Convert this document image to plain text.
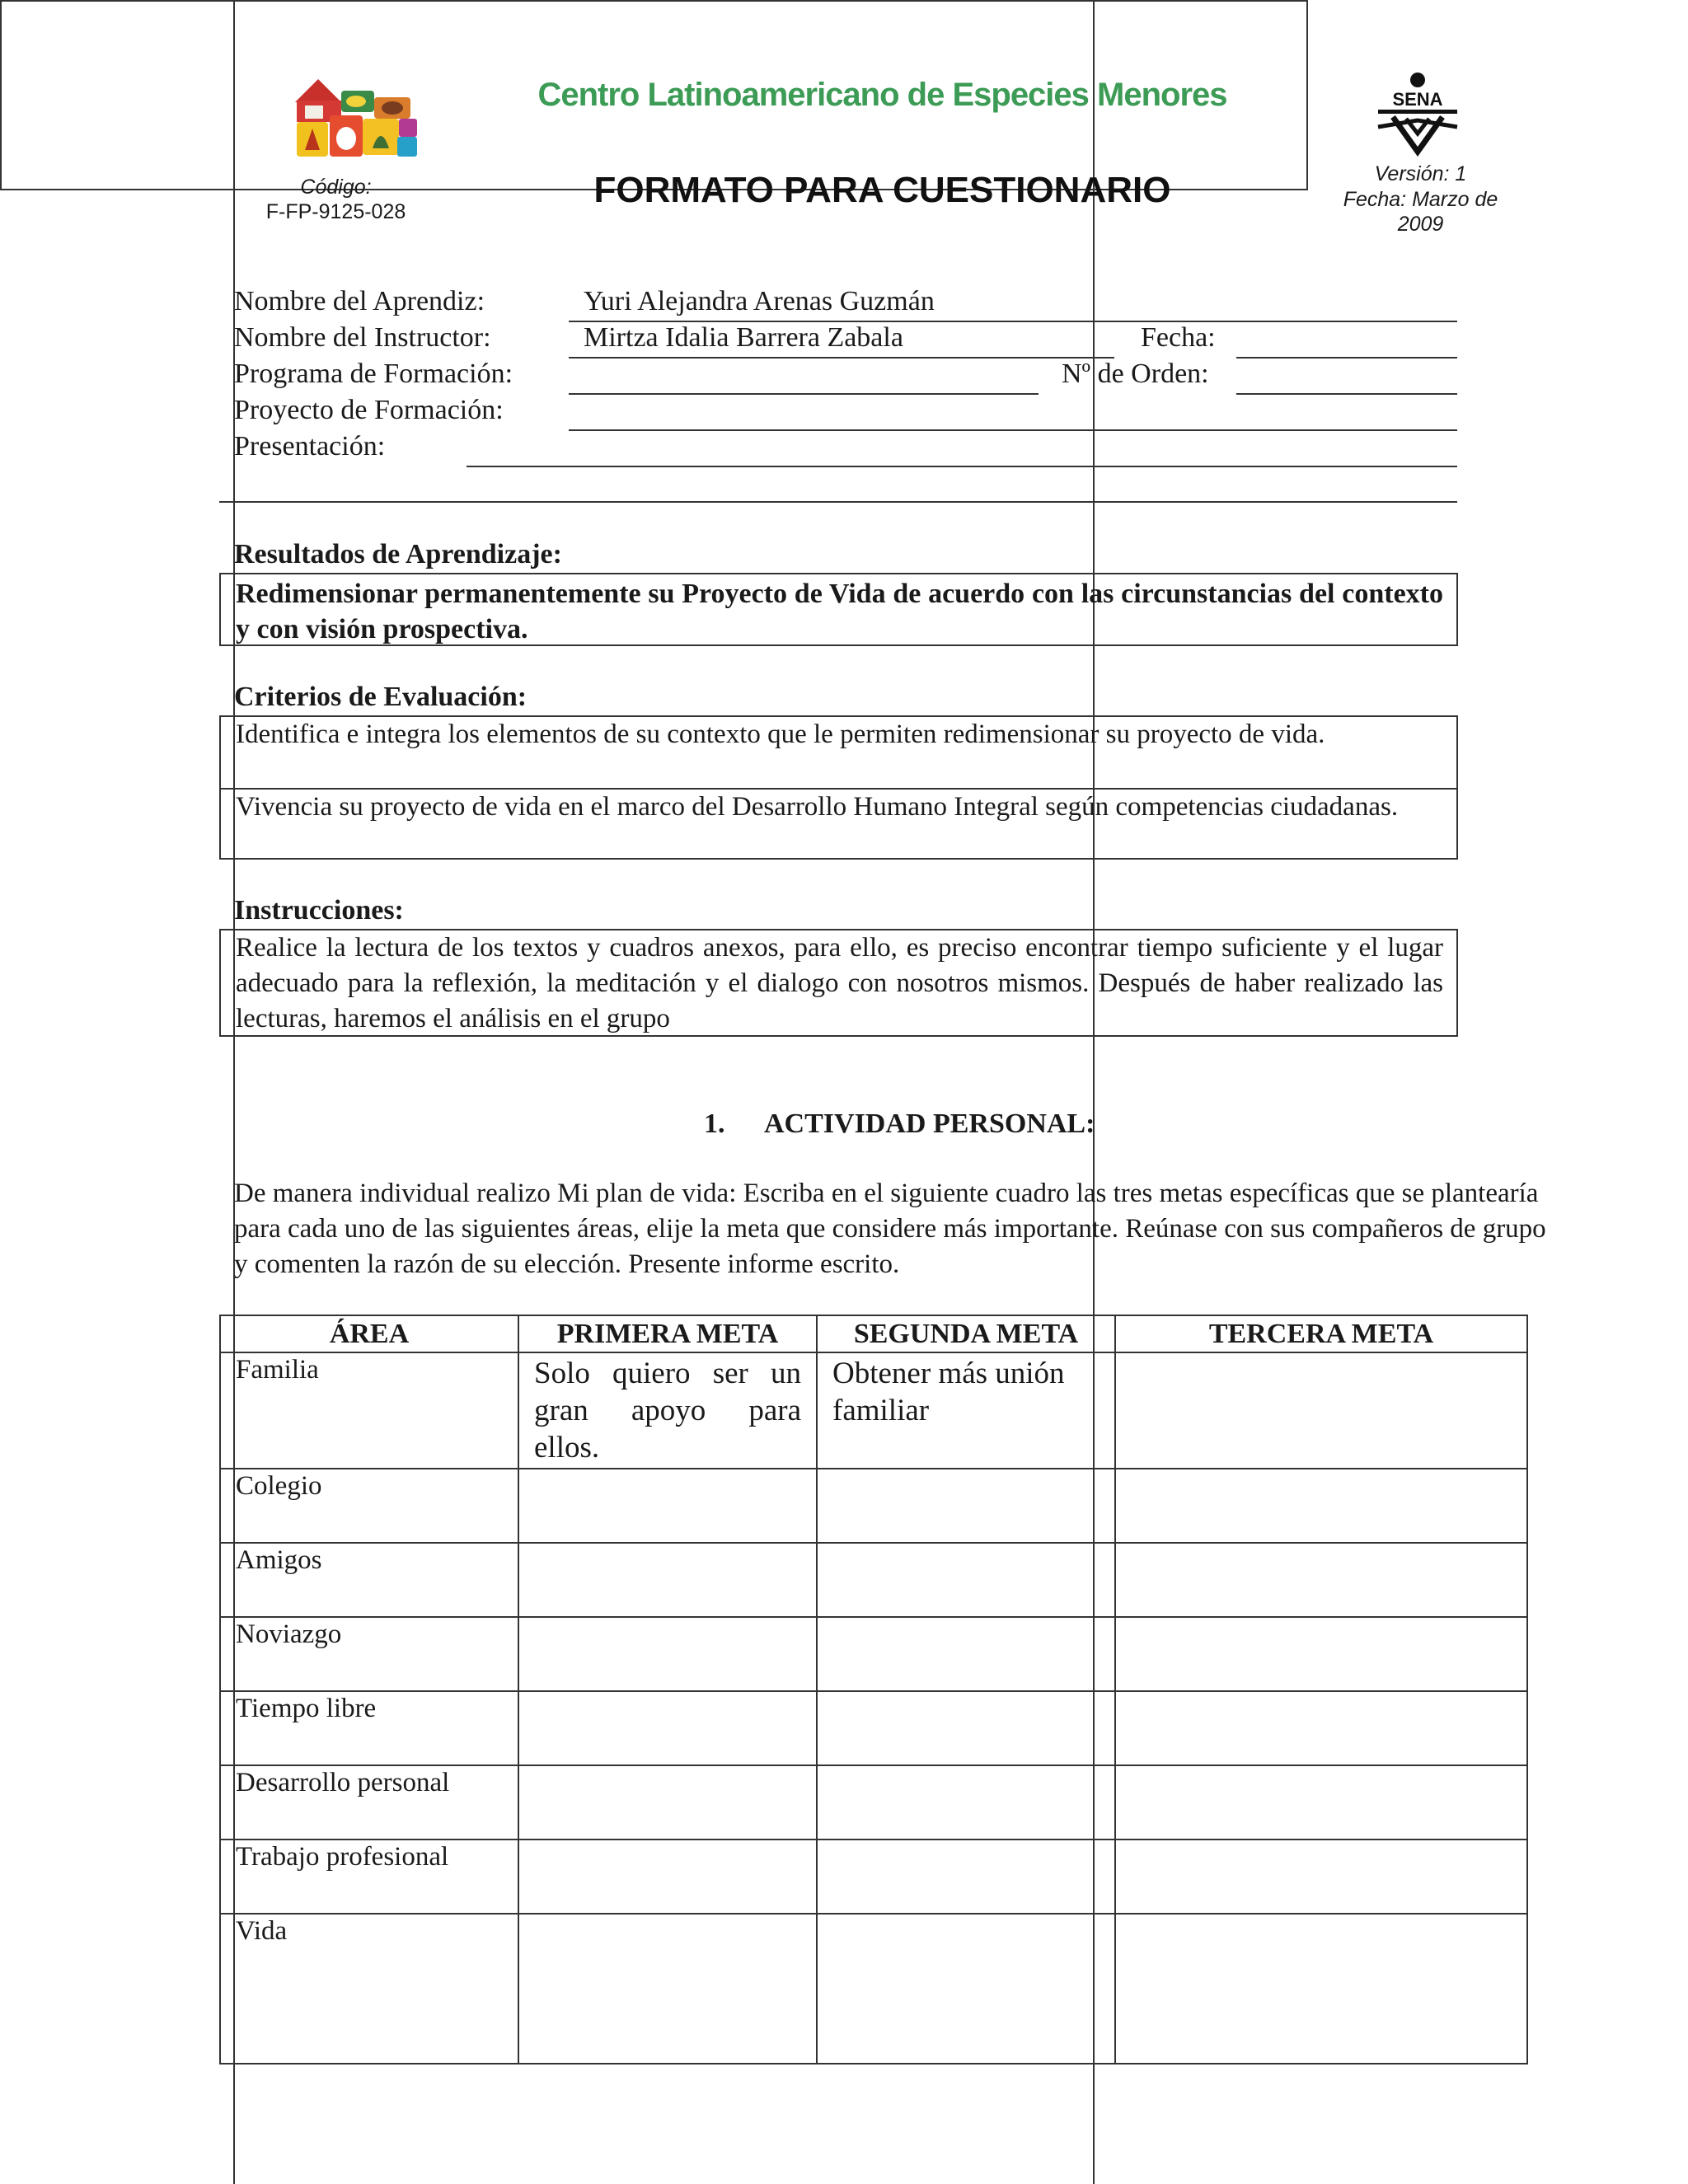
Código:
F-FP-9125-028
Centro Latinoamericano de Especies Menores
FORMATO PARA CUESTIONARIO
SENA
Versión: 1
Fecha: Marzo de
2009
Nombre del Aprendiz:	Yuri Alejandra Arenas Guzmán
Nombre del Instructor:	Mirtza Idalia Barrera Zabala	Fecha:
Programa de Formación:	Nº de Orden:
Proyecto de Formación:
Presentación:
Resultados de Aprendizaje:
Redimensionar permanentemente su Proyecto de Vida de acuerdo con las circunstancias del contexto y con visión prospectiva.
Criterios de Evaluación:
Identifica e integra los elementos de su contexto que le permiten redimensionar su proyecto de vida.
Vivencia su proyecto de vida en el marco del Desarrollo Humano Integral según competencias ciudadanas.
Instrucciones:
Realice la lectura de los textos y cuadros anexos, para ello, es preciso encontrar tiempo suficiente y el lugar adecuado para la reflexión, la meditación y el dialogo con nosotros mismos. Después de haber realizado las lecturas, haremos el análisis en el grupo
1. ACTIVIDAD PERSONAL:
De manera individual realizo Mi plan de vida: Escriba en el siguiente cuadro las tres metas específicas que se plantearía para cada uno de las siguientes áreas, elije la meta que considere más importante. Reúnase con sus compañeros de grupo y comenten la razón de su elección. Presente informe escrito.
ÁREA	PRIMERA META	SEGUNDA META	TERCERA META
Familia	Solo quiero ser un gran apoyo para ellos.	Obtener más unión familiar	
Colegio			
Amigos			
Noviazgo			
Tiempo libre			
Desarrollo personal			
Trabajo profesional			
Vida			
